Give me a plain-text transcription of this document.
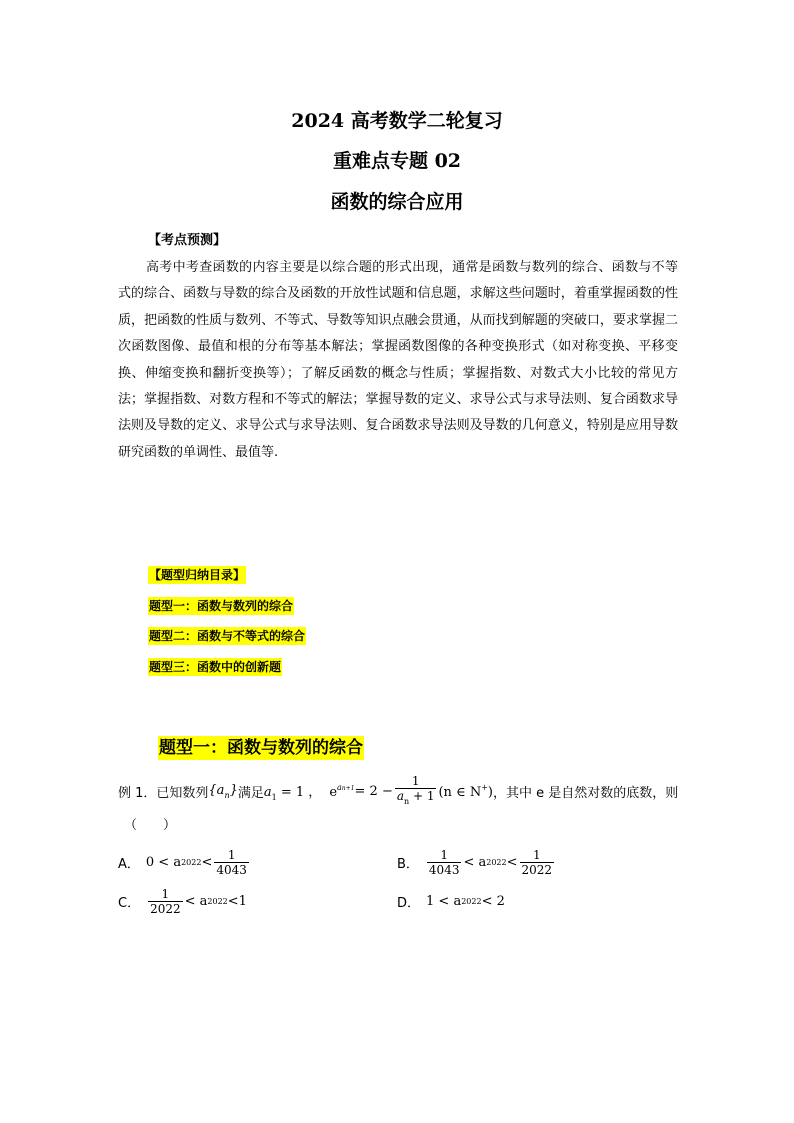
2024 高考数学二轮复习
重难点专题 02
函数的综合应用
【考点预测】

高考中考查函数的内容主要是以综合题的形式出现，通常是函数与数列的综合、函数与不等式的综合、函数与导数的综合及函数的开放性试题和信息题，求解这些问题时，着重掌握函数的性质，把函数的性质与数列、不等式、导数等知识点融会贯通，从而找到解题的突破口，要求掌握二次函数图像、最值和根的分布等基本解法；掌握函数图像的各种变换形式（如对称变换、平移变换、伸缩变换和翻折变换等）；了解反函数的概念与性质；掌握指数、对数式大小比较的常见方法；掌握指数、对数方程和不等式的解法；掌握导数的定义、求导公式与求导法则、复合函数求导法则及导数的定义、求导公式与求导法则、复合函数求导法则及导数的几何意义，特别是应用导数研究函数的单调性、最值等.

【题型归纳目录】
题型一：函数与数列的综合
题型二：函数与不等式的综合
题型三：函数中的创新题
题型一：函数与数列的综合
例 1．已知数列 $\{a_n\}$ 满足 $a_1 = 1$ ， $e^{an+1} = 2 - \frac{1}{a_n + 1} (n$ ∈ N+) ，其中 e 是自然对数的底数，则
（　　）
A． 0 < a $2022 < \frac{1}{4043}$	B． $\frac{1}{4043} < a$ $2022 < \frac{1}{2022}$
C． $\frac{1}{2022} < a$ 2022 <1	D． 1 < a 2022 < 2
